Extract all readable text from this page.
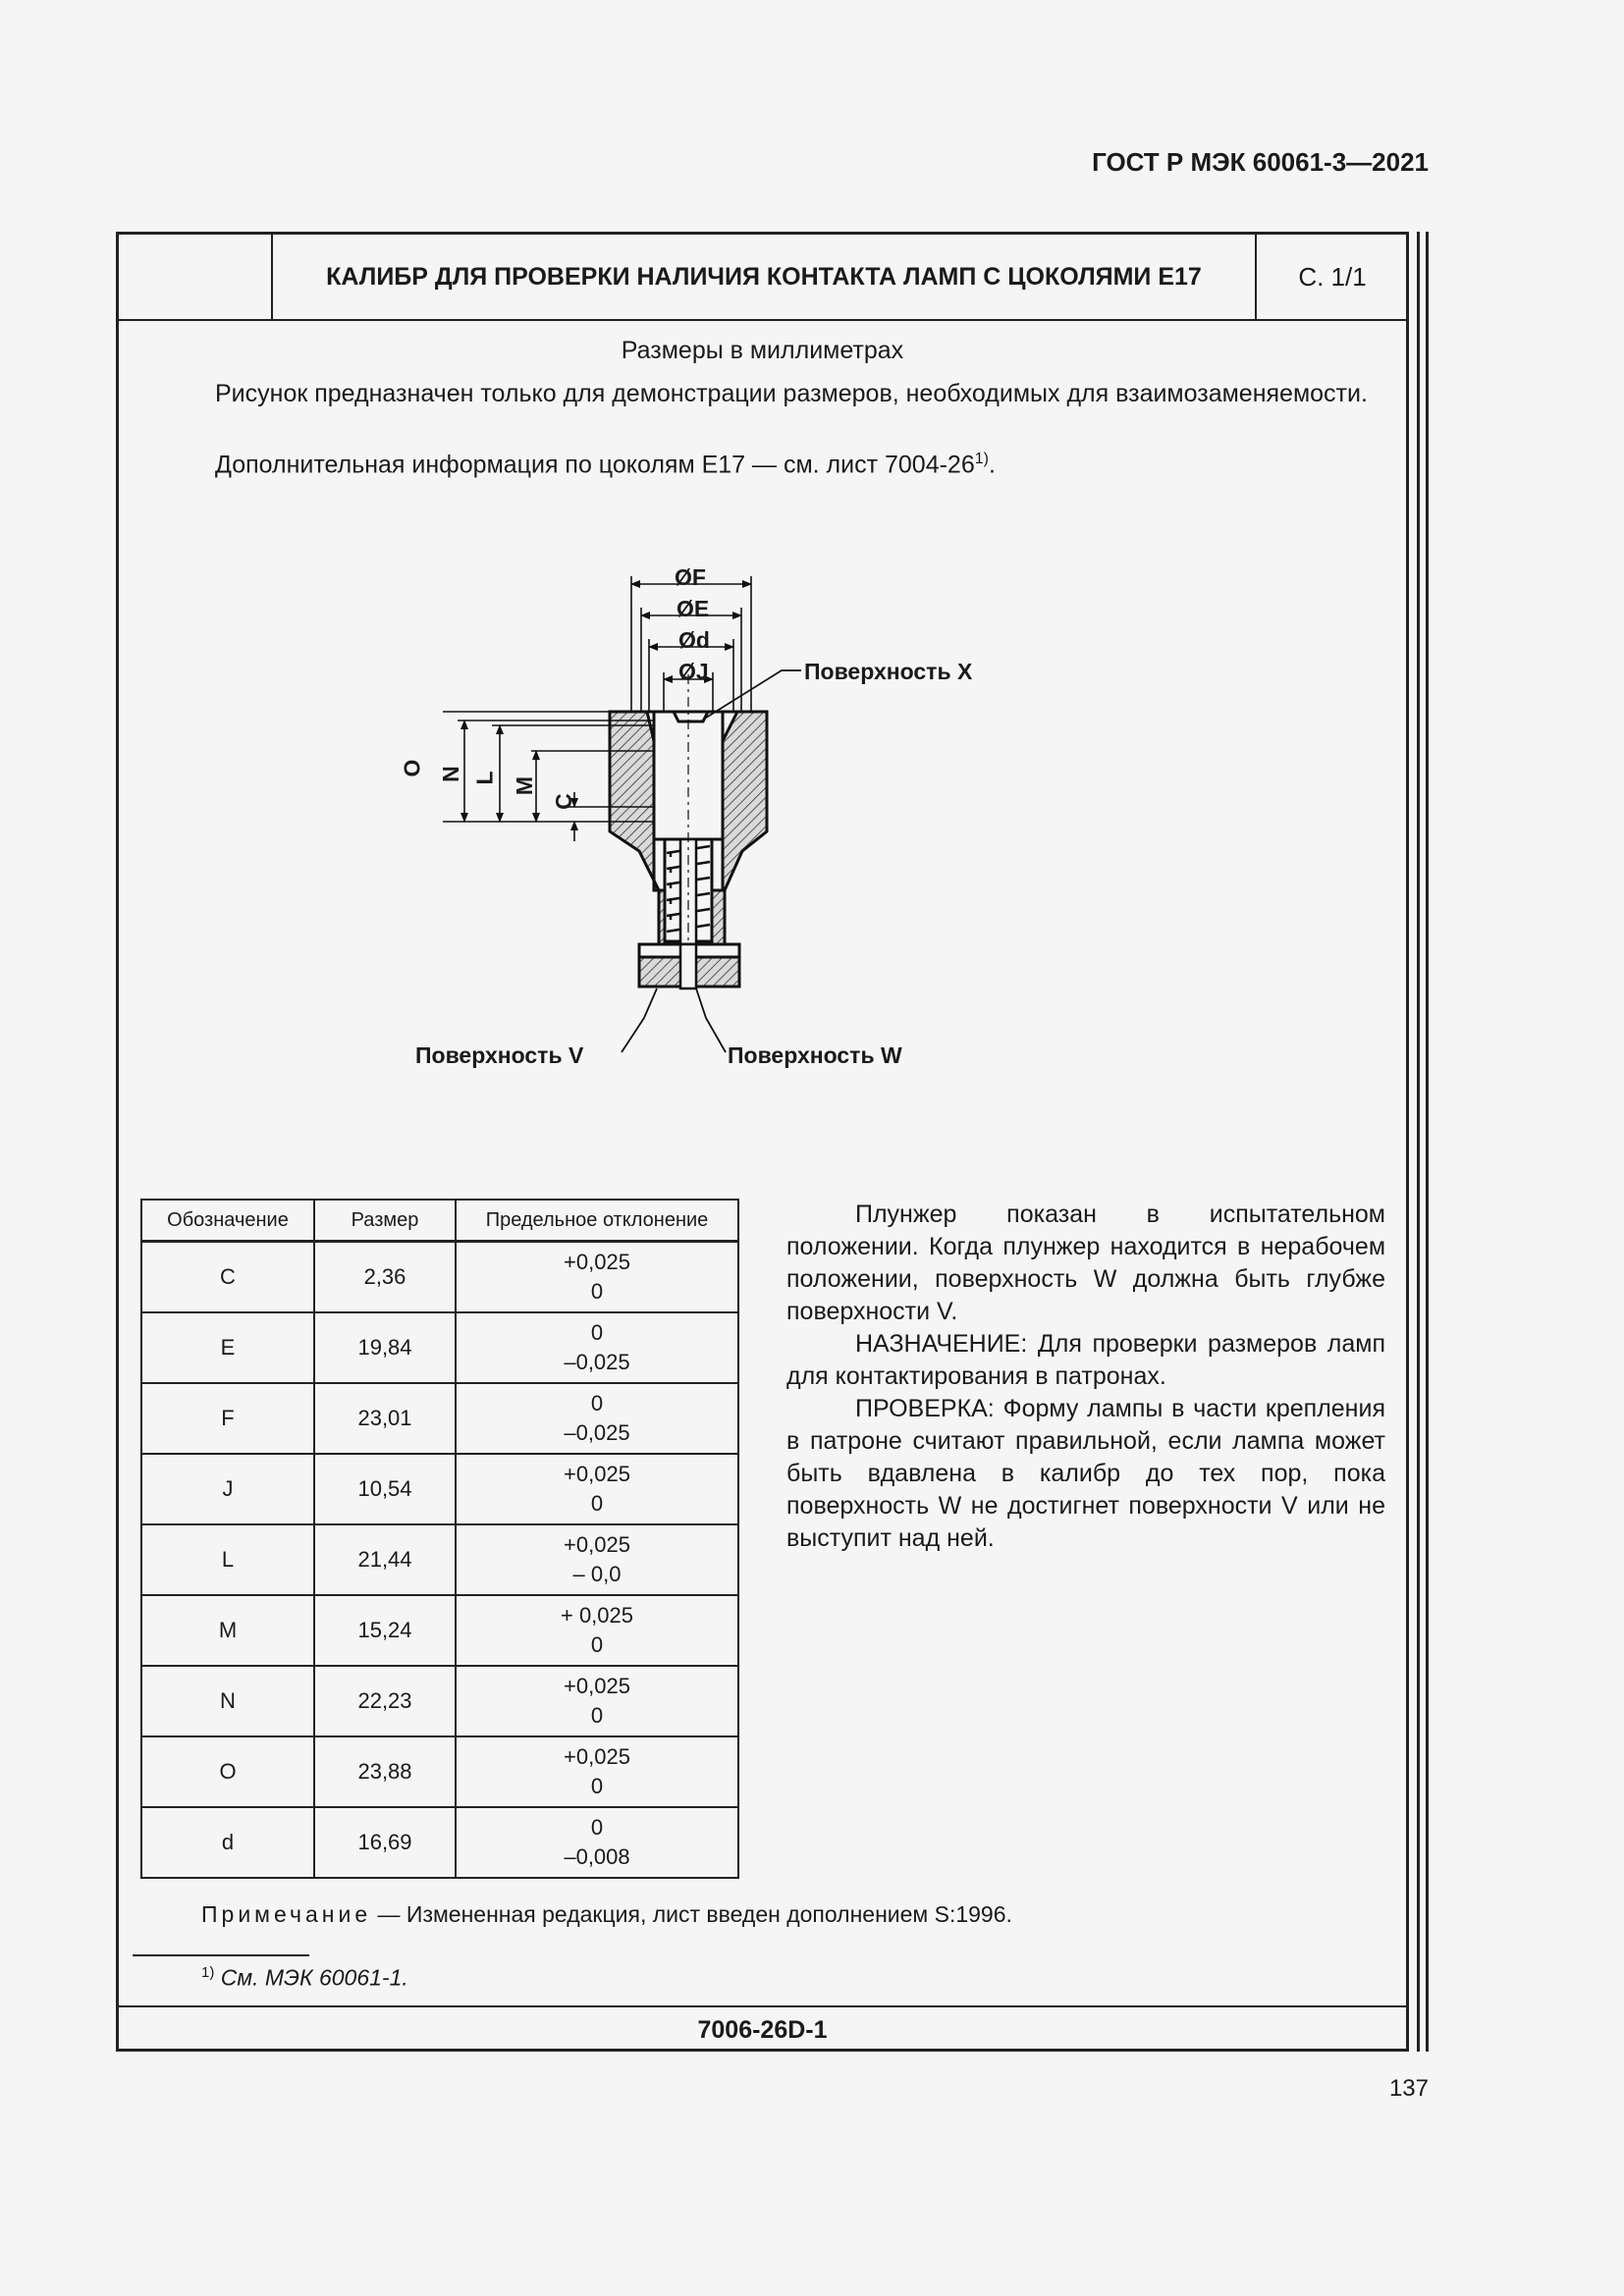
ГОСТ Р МЭК 60061-3—2021
КАЛИБР ДЛЯ ПРОВЕРКИ НАЛИЧИЯ КОНТАКТА ЛАМП С ЦОКОЛЯМИ E17	С. 1/1
Размеры в миллиметрах
Рисунок предназначен только для демонстрации размеров, необходимых для взаимозаменяемости.
Дополнительная информация по цоколям Е17 — см. лист 7004-26$^{1)}$.
ØF
ØE
Ød
ØJ	Поверхность X
O N L M
C
Поверхность V	Поверхность W
Обозначение	Размер	Предельное отклонение
C	2,36	+0,025
0

E	19,84	0
–0,025

F	23,01	0
–0,025

J	10,54	+0,025
0

L	21,44	+0,025
– 0,0

M	15,24	+ 0,025
0

N	22,23	+0,025
0

O	23,88	+0,025
0

d	16,69	0
–0,008

Плунжер показан в испытательном положении. Когда плунжер находится в нерабочем положении, поверхность W должна быть глубже поверхности V.

НАЗНАЧЕНИЕ: Для проверки размеров ламп для контактирования в патронах.

ПРОВЕРКА: Форму лампы в части крепления в патроне считают правильной, если лампа может быть вдавлена в калибр до тех пор, пока поверхность W не достигнет поверхности V или не выступит над ней.

Примечание — Измененная редакция, лист введен дополнением S:1996.
$^{1)}$ См. МЭК 60061-1.
7006-26D-1
137
